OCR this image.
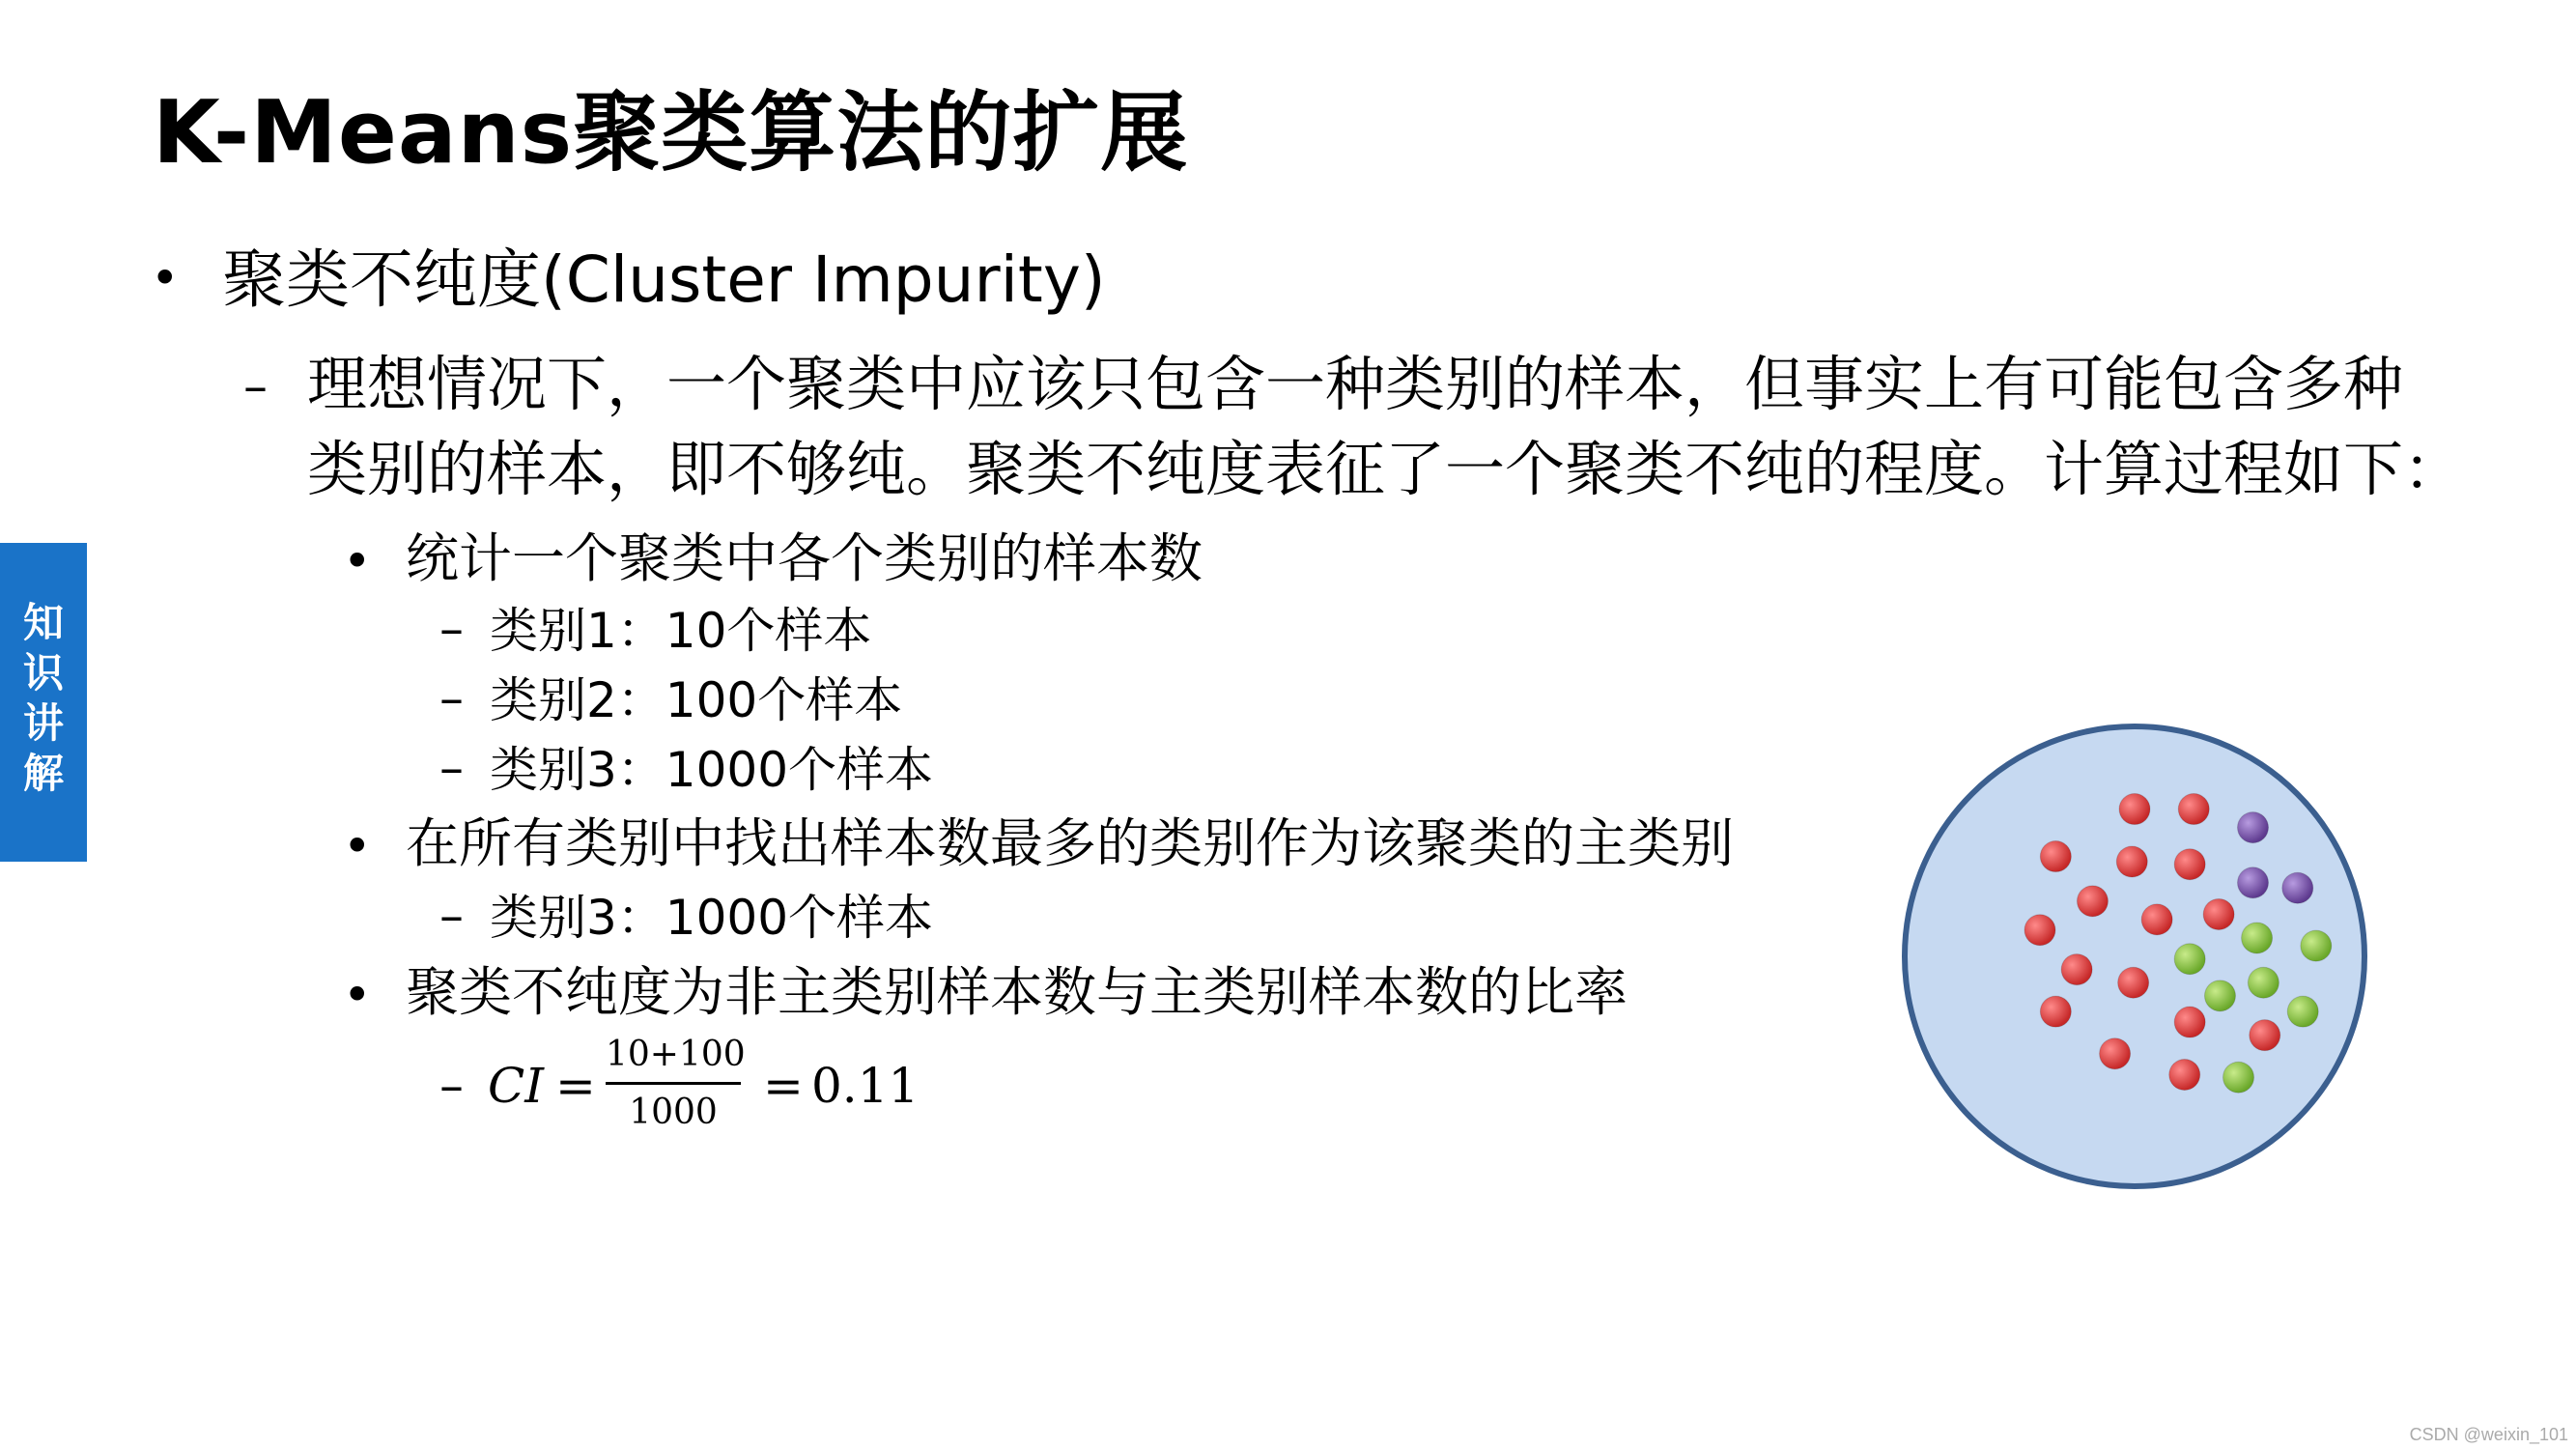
K-Means聚类算法的扩展
知
识
讲
解
• 聚类不纯度(Cluster Impurity)
– 理想情况下，一个聚类中应该只包含一种类别的样本，但事实上有可能包含多种
类别的样本，即不够纯。聚类不纯度表征了一个聚类不纯的程度。计算过程如下：
• 统计一个聚类中各个类别的样本数
– 类别1：10个样本
– 类别2：100个样本
– 类别3：1000个样本
• 在所有类别中找出样本数最多的类别作为该聚类的主类别
– 类别3：1000个样本
• 聚类不纯度为非主类别样本数与主类别样本数的比率
– CI =
10+100
1000 = 0.11
CSDN @weixin_101
